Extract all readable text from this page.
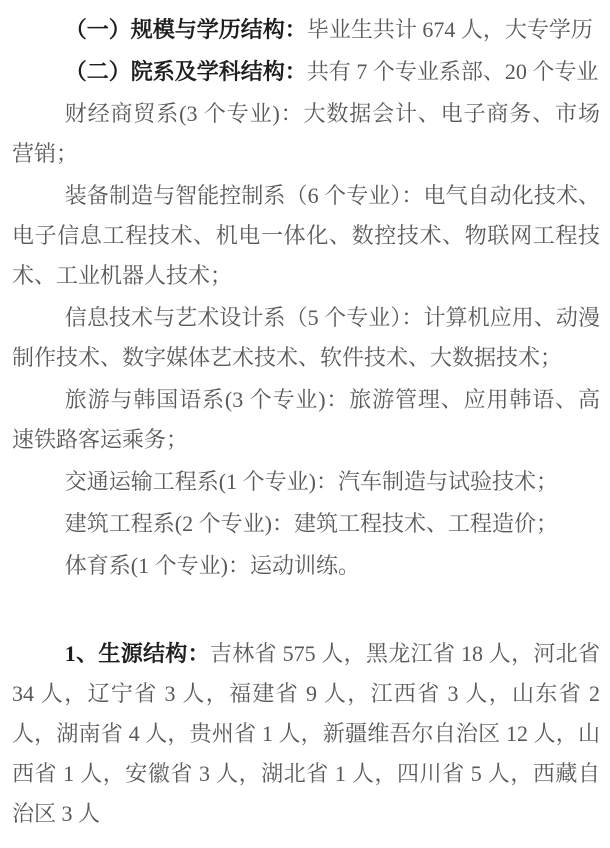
（一）规模与学历结构：毕业生共计 674 人，大专学历

（二）院系及学科结构：共有 7 个专业系部、20 个专业

财经商贸系(3 个专业)：大数据会计、电子商务、市场营销；

装备制造与智能控制系（6 个专业）：电气自动化技术、电子信息工程技术、机电一体化、数控技术、物联网工程技术、工业机器人技术；

信息技术与艺术设计系（5 个专业）：计算机应用、动漫制作技术、数字媒体艺术技术、软件技术、大数据技术；

旅游与韩国语系(3 个专业)：旅游管理、应用韩语、高速铁路客运乘务；

交通运输工程系(1 个专业)：汽车制造与试验技术；

建筑工程系(2 个专业)：建筑工程技术、工程造价；

体育系(1 个专业)：运动训练。

1、生源结构：吉林省 575 人，黑龙江省 18 人，河北省 34 人，辽宁省 3 人，福建省 9 人，江西省 3 人，山东省 2 人，湖南省 4 人，贵州省 1 人，新疆维吾尔自治区 12 人，山西省 1 人，安徽省 3 人，湖北省 1 人，四川省 5 人，西藏自治区 3 人
